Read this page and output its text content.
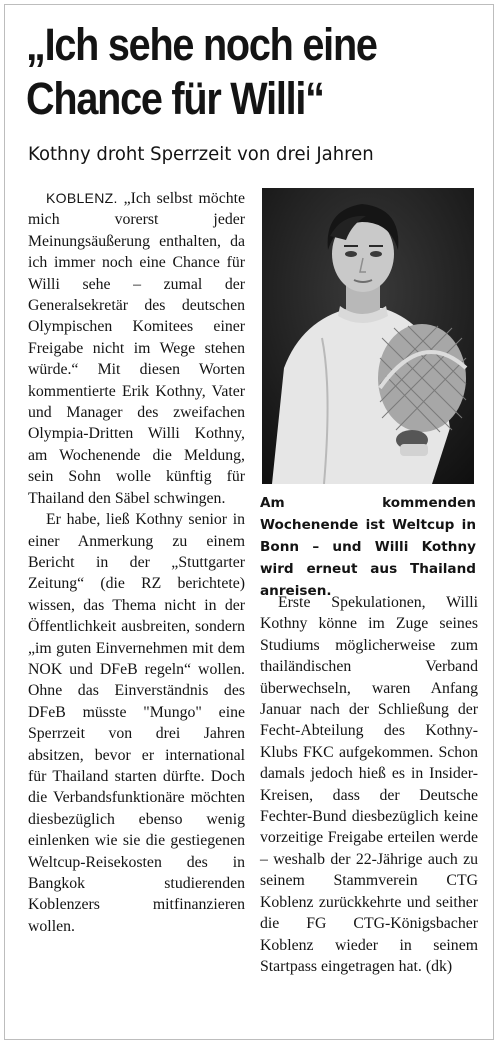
„Ich sehe noch eine
Chance für Willi“
Kothny droht Sperrzeit von drei Jahren

KOBLENZ. „Ich selbst möchte mich vorerst jeder Meinungsäußerung enthalten, da ich immer noch eine Chance für Willi sehe – zumal der Generalsekretär des deutschen Olympischen Komitees einer Freigabe nicht im Wege stehen würde.“ Mit diesen Worten kommentierte Erik Kothny, Vater und Manager des zweifachen Olympia-Dritten Willi Kothny, am Wochenende die Meldung, sein Sohn wolle künftig für Thailand den Säbel schwingen.

Er habe, ließ Kothny senior in einer Anmerkung zu einem Bericht in der „Stuttgarter Zeitung“ (die RZ berichtete) wissen, das Thema nicht in der Öffentlichkeit ausbreiten, sondern „im guten Einvernehmen mit dem NOK und DFeB regeln“ wollen. Ohne das Einverständnis des DFeB müsste "Mungo" eine Sperrzeit von drei Jahren absitzen, bevor er international für Thailand starten dürfte. Doch die Verbandsfunktionäre möchten diesbezüglich ebenso wenig einlenken wie sie die gestiegenen Weltcup-Reisekosten des in Bangkok studierenden Koblenzers mitfinanzieren wollen.

Am kommenden Wochenende ist Weltcup in Bonn – und Willi Kothny wird erneut aus Thailand anreisen.

Erste Spekulationen, Willi Kothny könne im Zuge seines Studiums möglicherweise zum thailändischen Verband überwechseln, waren Anfang Januar nach der Schließung der Fecht-Abteilung des Kothny-Klubs FKC aufgekommen. Schon damals jedoch hieß es in Insider-Kreisen, dass der Deutsche Fechter-Bund diesbezüglich keine vorzeitige Freigabe erteilen werde – weshalb der 22-Jährige auch zu seinem Stammverein CTG Koblenz zurückkehrte und seither die FG CTG-Königsbacher Koblenz wieder in seinem Startpass eingetragen hat. (dk)
